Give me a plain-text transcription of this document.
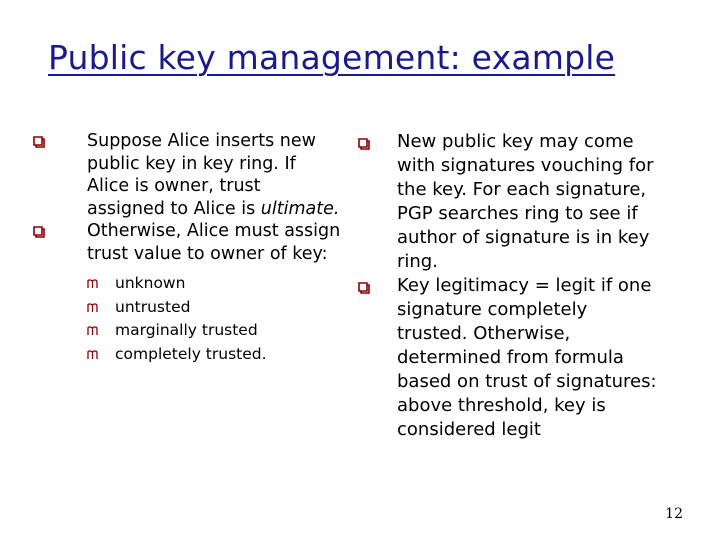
Public key management: example
Suppose Alice inserts new public key in key ring. If Alice is owner, trust assigned to Alice is ultimate.
Otherwise, Alice must assign trust value to owner of key:
unknown
untrusted
marginally trusted
completely trusted.
New public key may come with signatures vouching for the key. For each signature, PGP searches ring to see if author of signature is in key ring.
Key legitimacy = legit if one signature completely trusted. Otherwise, determined from formula based on trust of signatures: above threshold, key is considered legit
12
